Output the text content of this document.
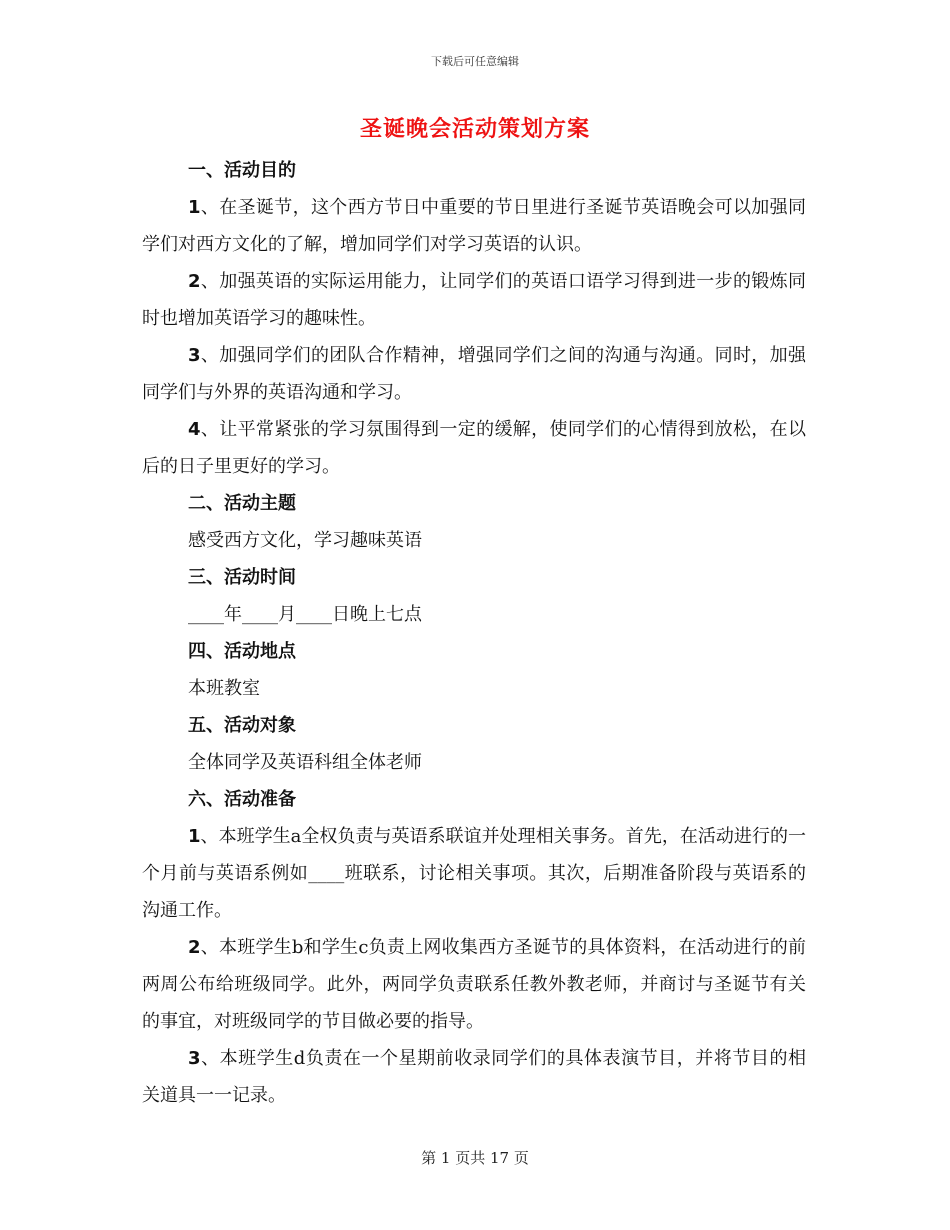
下载后可任意编辑

圣诞晚会活动策划方案

一、活动目的

1、在圣诞节，这个西方节日中重要的节日里进行圣诞节英语晚会可以加强同学们对西方文化的了解，增加同学们对学习英语的认识。

2、加强英语的实际运用能力，让同学们的英语口语学习得到进一步的锻炼同时也增加英语学习的趣味性。

3、加强同学们的团队合作精神，增强同学们之间的沟通与沟通。同时，加强同学们与外界的英语沟通和学习。

4、让平常紧张的学习氛围得到一定的缓解，使同学们的心情得到放松，在以后的日子里更好的学习。

二、活动主题

感受西方文化，学习趣味英语

三、活动时间

____年____月____日晚上七点

四、活动地点

本班教室

五、活动对象

全体同学及英语科组全体老师

六、活动准备

1、本班学生a全权负责与英语系联谊并处理相关事务。首先，在活动进行的一个月前与英语系例如____班联系，讨论相关事项。其次，后期准备阶段与英语系的沟通工作。

2、本班学生b和学生c负责上网收集西方圣诞节的具体资料，在活动进行的前两周公布给班级同学。此外，两同学负责联系任教外教老师，并商讨与圣诞节有关的事宜，对班级同学的节目做必要的指导。

3、本班学生d负责在一个星期前收录同学们的具体表演节目，并将节目的相关道具一一记录。

第 1 页共 17 页
